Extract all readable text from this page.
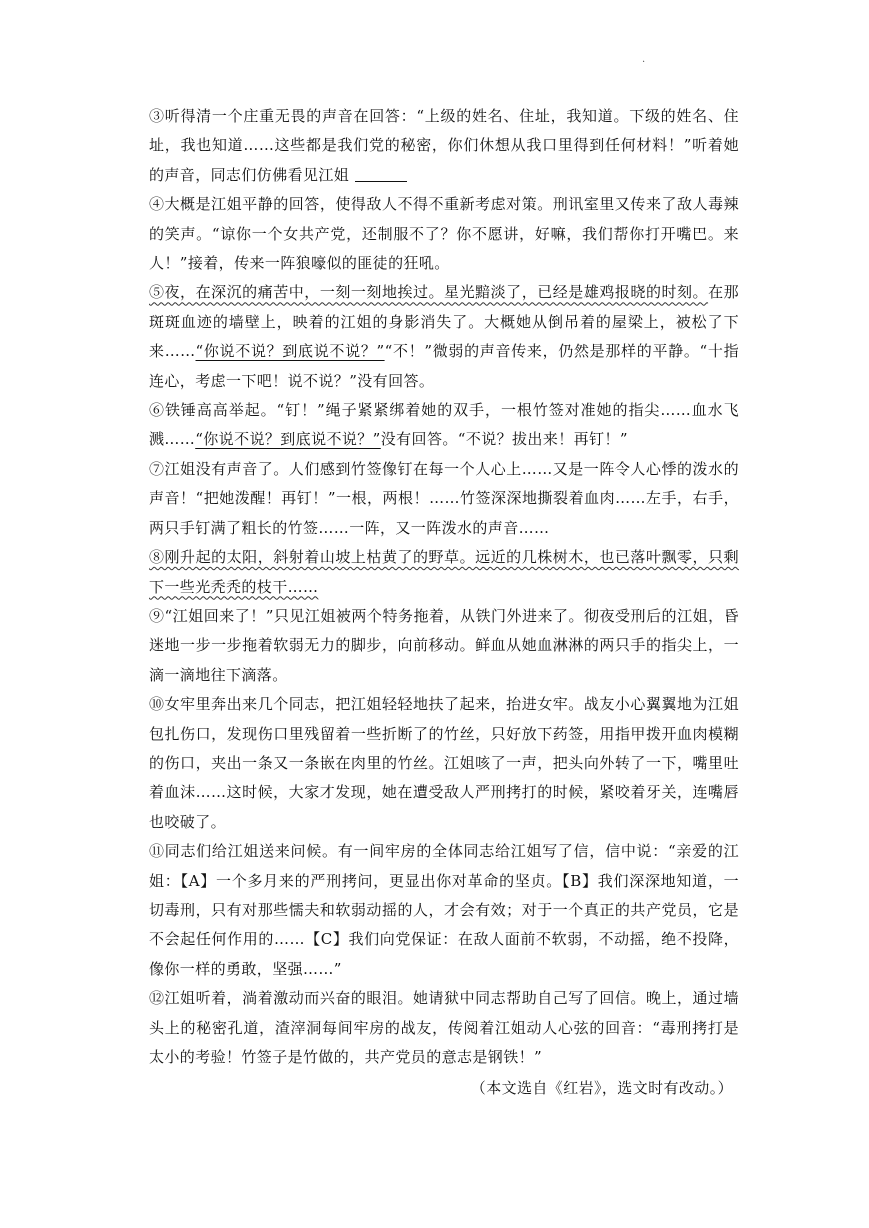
.

③听得清一个庄重无畏的声音在回答：“上级的姓名、住址，我知道。下级的姓名、住址，我也知道……这些都是我们党的秘密，你们休想从我口里得到任何材料！”听着她的声音，同志们仿佛看见江姐

④大概是江姐平静的回答，使得敌人不得不重新考虑对策。刑讯室里又传来了敌人毒辣的笑声。“谅你一个女共产党，还制服不了？你不愿讲，好嘛，我们帮你打开嘴巴。来人！”接着，传来一阵狼嚎似的匪徒的狂吼。

⑤夜，在深沉的痛苦中，一刻一刻地挨过。星光黯淡了，已经是雄鸡报晓的时刻。在那斑斑血迹的墙壁上，映着的江姐的身影消失了。大概她从倒吊着的屋梁上，被松了下来……“你说不说？到底说不说？”“不！”微弱的声音传来，仍然是那样的平静。“十指连心，考虑一下吧！说不说？”没有回答。

⑥铁锤高高举起。“钉！”绳子紧紧绑着她的双手，一根竹签对准她的指尖……血水飞溅……“你说不说？到底说不说？”没有回答。“不说？拔出来！再钉！”

⑦江姐没有声音了。人们感到竹签像钉在每一个人心上……又是一阵令人心悸的泼水的声音！“把她泼醒！再钉！”一根，两根！……竹签深深地撕裂着血肉……左手，右手，两只手钉满了粗长的竹签……一阵，又一阵泼水的声音……

⑧刚升起的太阳，斜射着山坡上枯黄了的野草。远近的几株树木，也已落叶飘零，只剩下一些光秃秃的枝干……

⑨“江姐回来了！”只见江姐被两个特务拖着，从铁门外进来了。彻夜受刑后的江姐，昏迷地一步一步拖着软弱无力的脚步，向前移动。鲜血从她血淋淋的两只手的指尖上，一滴一滴地往下滴落。

⑩女牢里奔出来几个同志，把江姐轻轻地扶了起来，抬进女牢。战友小心翼翼地为江姐包扎伤口，发现伤口里残留着一些折断了的竹丝，只好放下药签，用指甲拨开血肉模糊的伤口，夹出一条又一条嵌在肉里的竹丝。江姐咳了一声，把头向外转了一下，嘴里吐着血沫……这时候，大家才发现，她在遭受敌人严刑拷打的时候，紧咬着牙关，连嘴唇也咬破了。

⑪同志们给江姐送来问候。有一间牢房的全体同志给江姐写了信，信中说：“亲爱的江姐：【A】一个多月来的严刑拷问，更显出你对革命的坚贞。【B】我们深深地知道，一切毒刑，只有对那些懦夫和软弱动摇的人，才会有效；对于一个真正的共产党员，它是不会起任何作用的……【C】我们向党保证：在敌人面前不软弱，不动摇，绝不投降，像你一样的勇敢，坚强……”

⑫江姐听着，淌着激动而兴奋的眼泪。她请狱中同志帮助自己写了回信。晚上，通过墙头上的秘密孔道，渣滓洞每间牢房的战友，传阅着江姐动人心弦的回音：“毒刑拷打是太小的考验！竹签子是竹做的，共产党员的意志是钢铁！”

（本文选自《红岩》，选文时有改动。）
